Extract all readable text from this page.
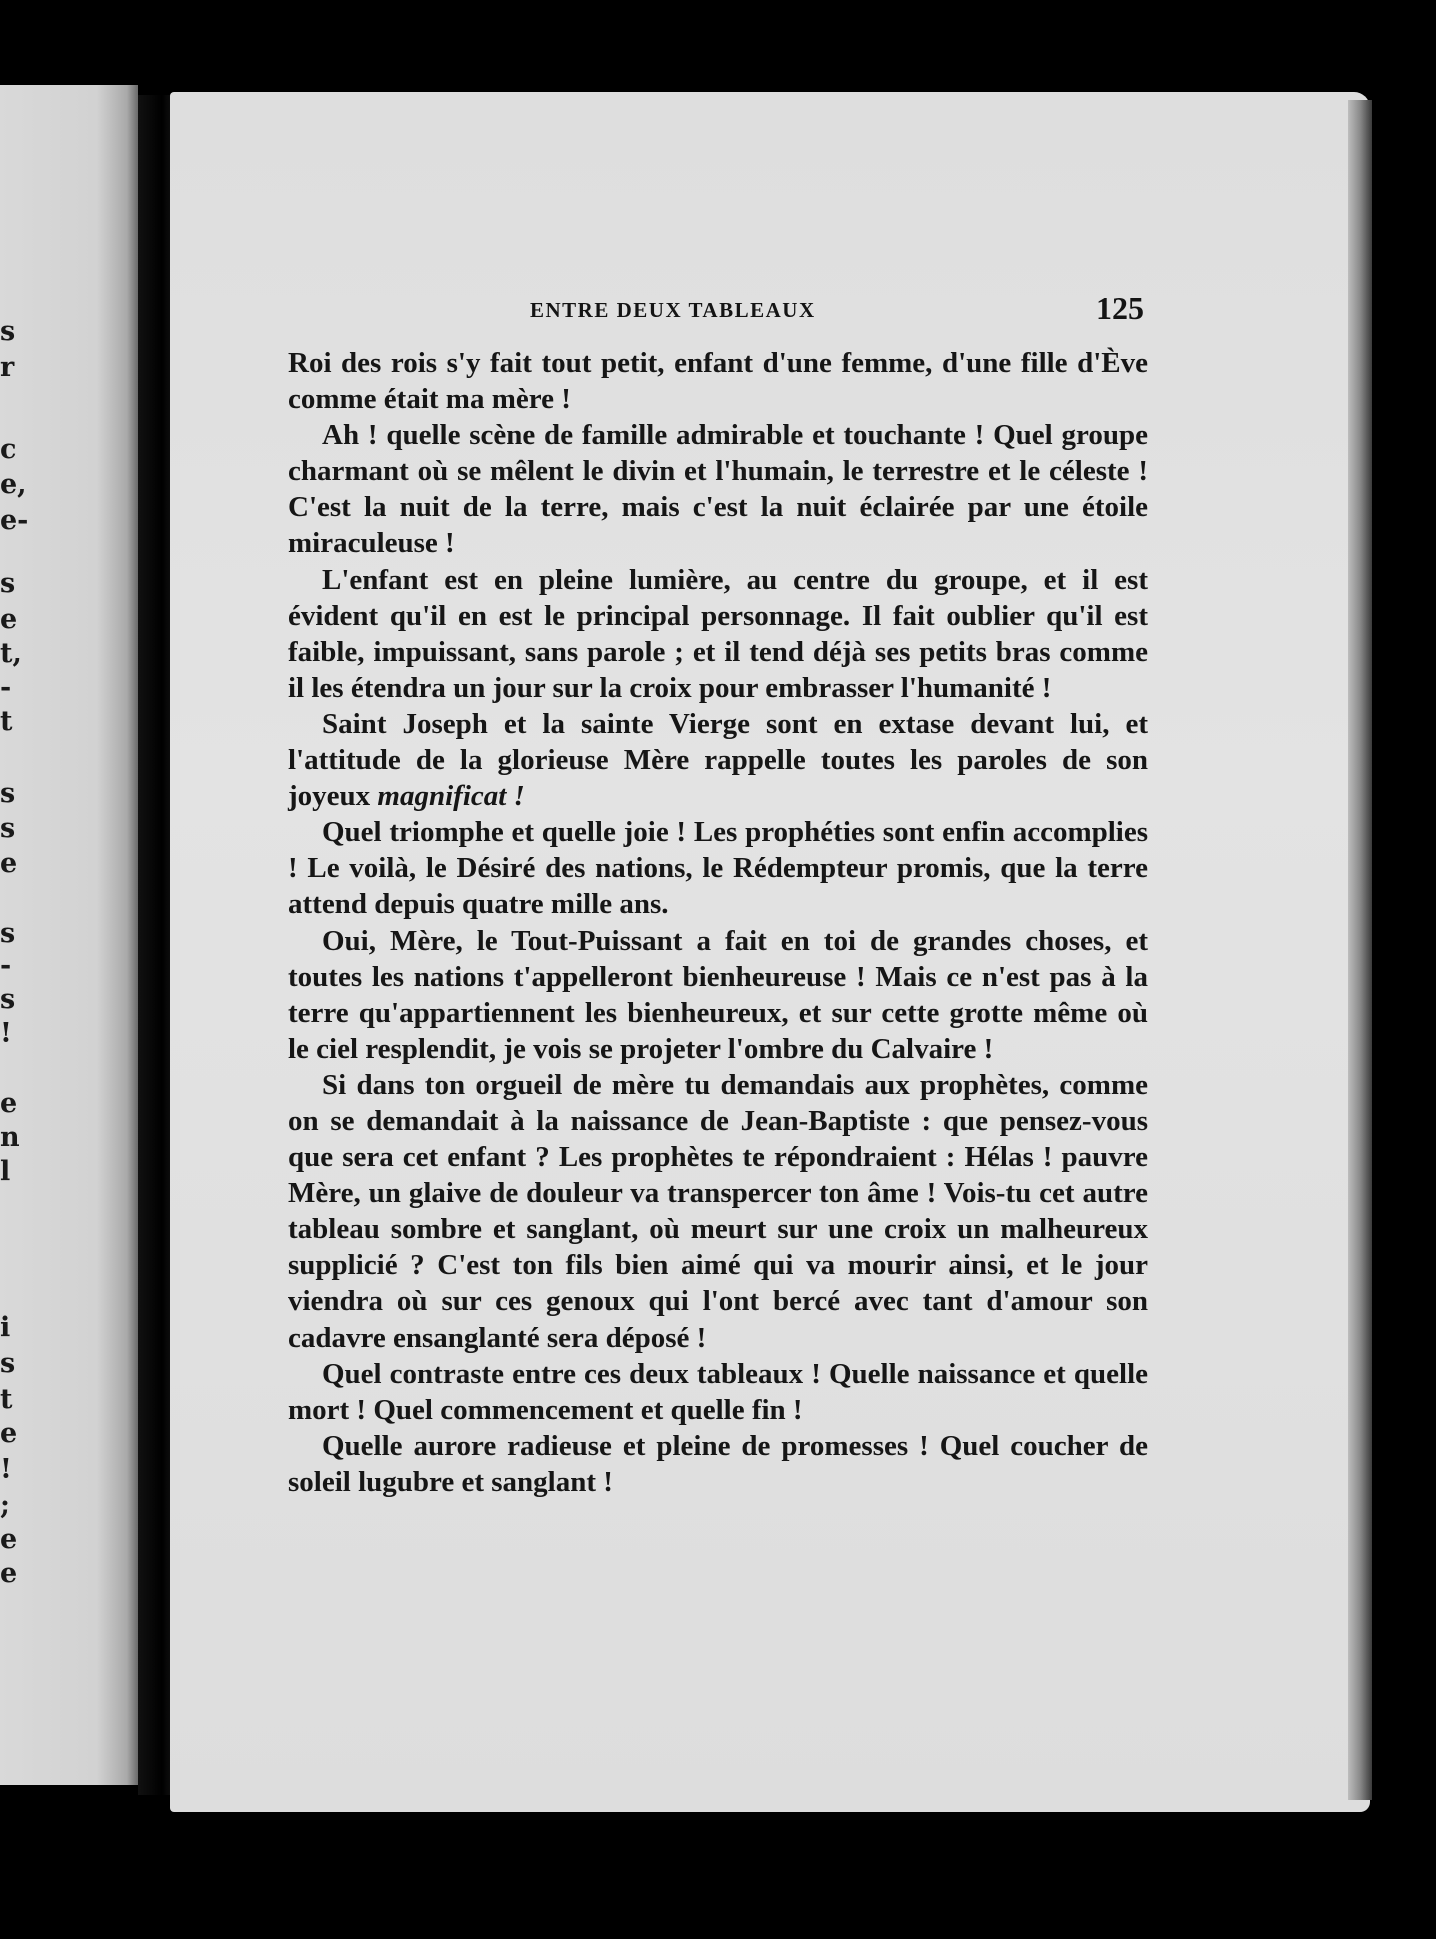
s
r
c
e,
e-
s
e
t,
-
t
s
s
e
s
-
s
!
e
n
l
i
s
t
e
!
;
e
e
ENTRE DEUX TABLEAUX	125

Roi des rois s'y fait tout petit, enfant d'une femme, d'une fille d'Ève comme était ma mère !

Ah ! quelle scène de famille admirable et touchante ! Quel groupe charmant où se mêlent le divin et l'humain, le terrestre et le céleste ! C'est la nuit de la terre, mais c'est la nuit éclairée par une étoile miraculeuse !

L'enfant est en pleine lumière, au centre du groupe, et il est évident qu'il en est le principal personnage. Il fait oublier qu'il est faible, impuissant, sans parole ; et il tend déjà ses petits bras comme il les étendra un jour sur la croix pour embrasser l'humanité !

Saint Joseph et la sainte Vierge sont en extase devant lui, et l'attitude de la glorieuse Mère rappelle toutes les paroles de son joyeux magnificat !

Quel triomphe et quelle joie ! Les prophéties sont enfin accomplies ! Le voilà, le Désiré des nations, le Rédempteur promis, que la terre attend depuis quatre mille ans.

Oui, Mère, le Tout-Puissant a fait en toi de grandes choses, et toutes les nations t'appelleront bienheureuse ! Mais ce n'est pas à la terre qu'appartiennent les bienheureux, et sur cette grotte même où le ciel resplendit, je vois se projeter l'ombre du Calvaire !

Si dans ton orgueil de mère tu demandais aux prophètes, comme on se demandait à la naissance de Jean-Baptiste : que pensez-vous que sera cet enfant ? Les prophètes te répondraient : Hélas ! pauvre Mère, un glaive de douleur va transpercer ton âme ! Vois-tu cet autre tableau sombre et sanglant, où meurt sur une croix un malheureux supplicié ? C'est ton fils bien aimé qui va mourir ainsi, et le jour viendra où sur ces genoux qui l'ont bercé avec tant d'amour son cadavre ensanglanté sera déposé !

Quel contraste entre ces deux tableaux ! Quelle naissance et quelle mort ! Quel commencement et quelle fin !

Quelle aurore radieuse et pleine de promesses ! Quel coucher de soleil lugubre et sanglant !
